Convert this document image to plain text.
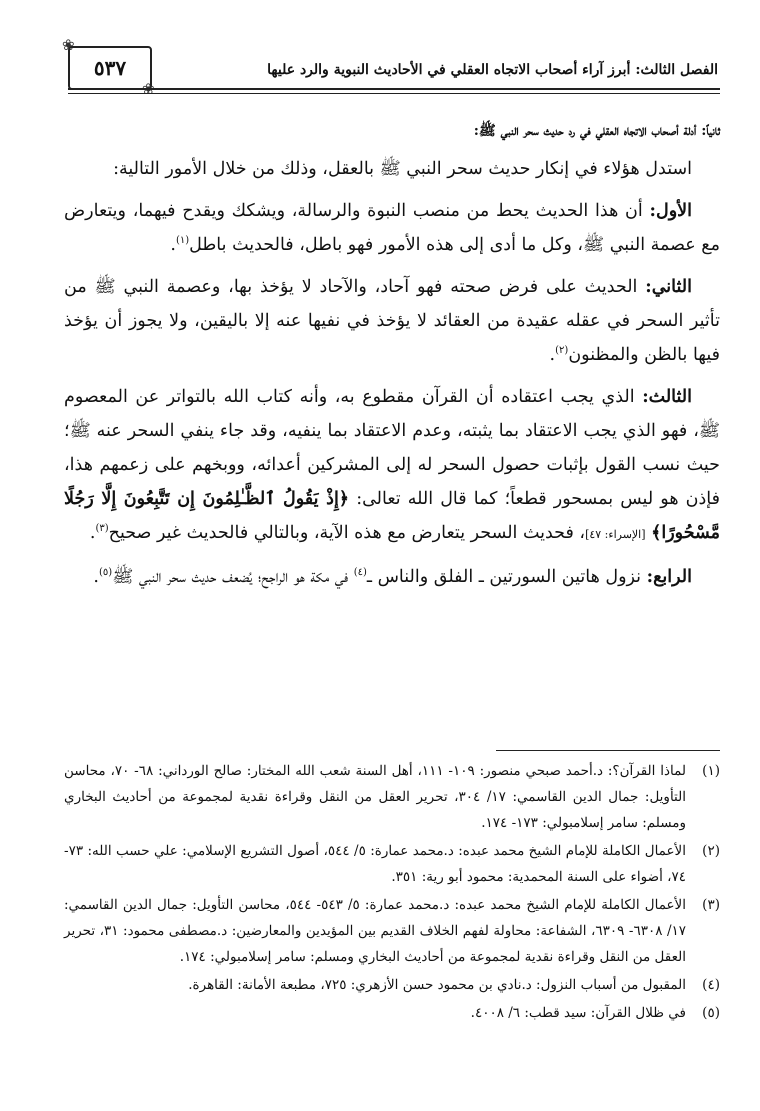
❀
٥٣٧
❀
الفصل الثالث: أبرز آراء أصحاب الاتجاه العقلي في الأحاديث النبوية والرد عليها
ثانياً: أدلة أصحاب الاتجاه العقلي في رد حديث سحر النبي ﷺ:

استدل هؤلاء في إنكار حديث سحر النبي ﷺ بالعقل، وذلك من خلال الأمور التالية:

الأول: أن هذا الحديث يحط من منصب النبوة والرسالة، ويشكك ويقدح فيهما، ويتعارض مع عصمة النبي ﷺ، وكل ما أدى إلى هذه الأمور فهو باطل، فالحديث باطل$^{(١)}$.

الثاني: الحديث على فرض صحته فهو آحاد، والآحاد لا يؤخذ بها، وعصمة النبي ﷺ من تأثير السحر في عقله عقيدة من العقائد لا يؤخذ في نفيها عنه إلا باليقين، ولا يجوز أن يؤخذ فيها بالظن والمظنون$^{(٢)}$.

الثالث: الذي يجب اعتقاده أن القرآن مقطوع به، وأنه كتاب الله بالتواتر عن المعصوم ﷺ، فهو الذي يجب الاعتقاد بما يثبته، وعدم الاعتقاد بما ينفيه، وقد جاء ينفي السحر عنه ﷺ؛ حيث نسب القول بإثبات حصول السحر له إلى المشركين أعدائه، ووبخهم على زعمهم هذا، فإذن هو ليس بمسحور قطعاً؛ كما قال الله تعالى: ﴿إِذْ يَقُولُ ٱلظَّـٰلِمُونَ إِن تَتَّبِعُونَ إِلَّا رَجُلًا مَّسْحُورًا﴾ [الإسراء: ٤٧]، فحديث السحر يتعارض مع هذه الآية، وبالتالي فالحديث غير صحيح$^{(٣)}$.

الرابع: نزول هاتين السورتين ـ الفلق والناس ـ$^{(٤)}$ في مكة هو الراجح؛ يُضعف حديث سحر النبي ﷺ$^{(٥)}$.

(١)
لماذا القرآن؟: د.أحمد صبحي منصور: ١٠٩- ١١١، أهل السنة شعب الله المختار: صالح الورداني: ٦٨- ٧٠، محاسن التأويل: جمال الدين القاسمي: ١٧/ ٣٠٤، تحرير العقل من النقل وقراءة نقدية لمجموعة من أحاديث البخاري ومسلم: سامر إسلامبولي: ١٧٣- ١٧٤.
(٢)
الأعمال الكاملة للإمام الشيخ محمد عبده: د.محمد عمارة: ٥/ ٥٤٤، أصول التشريع الإسلامي: علي حسب الله: ٧٣- ٧٤، أضواء على السنة المحمدية: محمود أبو رية: ٣٥١.
(٣)
الأعمال الكاملة للإمام الشيخ محمد عبده: د.محمد عمارة: ٥/ ٥٤٣- ٥٤٤، محاسن التأويل: جمال الدين القاسمي: ١٧/ ٦٣٠٨- ٦٣٠٩، الشفاعة: محاولة لفهم الخلاف القديم بين المؤيدين والمعارضين: د.مصطفى محمود: ٣١، تحرير العقل من النقل وقراءة نقدية لمجموعة من أحاديث البخاري ومسلم: سامر إسلامبولي: ١٧٤.
(٤)
المقبول من أسباب النزول: د.نادي بن محمود حسن الأزهري: ٧٢٥، مطبعة الأمانة: القاهرة.
(٥)
في ظلال القرآن: سيد قطب: ٦/ ٤٠٠٨.
